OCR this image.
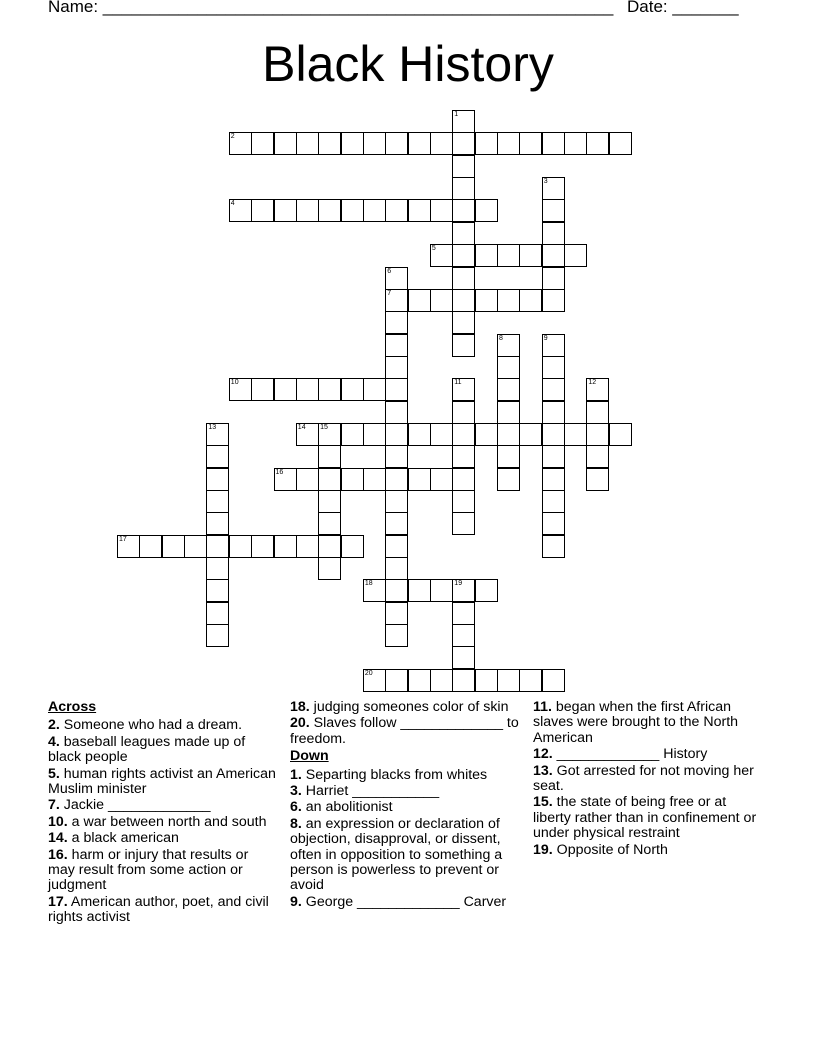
Name: ______________________________________________________ Date: _______
Black History
1
2
3
4
5
6
7
8	9
10	11	12
13	14 15
16
17
18	19
20
Across
2. Someone who had a dream.
4. baseball leagues made up of black people
5. human rights activist an American Muslim minister
7. Jackie _____________
10. a war between north and south
14. a black american
16. harm or injury that results or may result from some action or judgment
17. American author, poet, and civil rights activist
18. judging someones color of skin
20. Slaves follow _____________ to freedom.
Down
1. Separting blacks from whites
3. Harriet ___________
6. an abolitionist
8. an expression or declaration of objection, disapproval, or dissent, often in opposition to something a person is powerless to prevent or avoid
9. George _____________ Carver
11. began when the first African slaves were brought to the North American
12. _____________ History
13. Got arrested for not moving her seat.
15. the state of being free or at liberty rather than in confinement or under physical restraint
19. Opposite of North
